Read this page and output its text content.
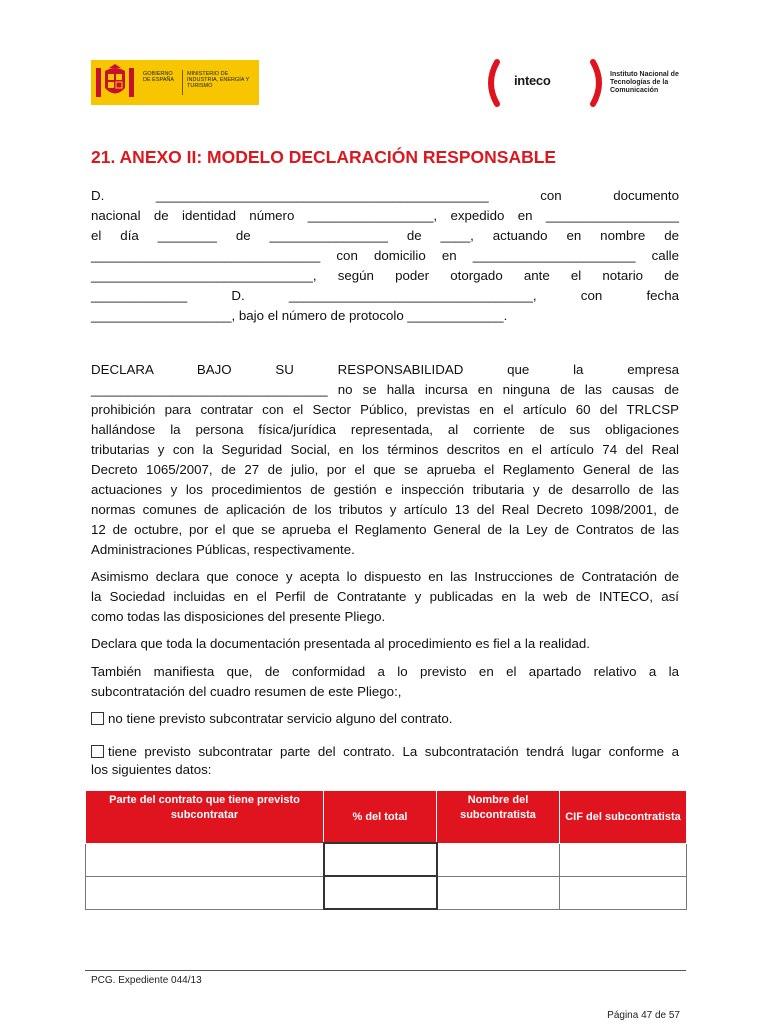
GOBIERNO DE ESPAÑA
MINISTERIO DE INDUSTRIA, ENERGÍA Y TURISMO	inteco	Instituto Nacional de Tecnologías de la Comunicación
21. ANEXO II: MODELO DECLARACIÓN RESPONSABLE

D. _____________________________________________ con documento

nacional de identidad número _________________, expedido en __________________

el día ________ de ________________ de ____, actuando en nombre de

_______________________________ con domicilio en ______________________ calle

______________________________, según poder otorgado ante el notario de

_____________ D. _________________________________, con fecha

___________________, bajo el número de protocolo _____________.

DECLARA BAJO SU RESPONSABILIDAD que la empresa

________________________________ no se halla incursa en ninguna de las causas de

prohibición para contratar con el Sector Público, previstas en el artículo 60 del TRLCSP

hallándose la persona física/jurídica representada, al corriente de sus obligaciones

tributarias y con la Seguridad Social, en los términos descritos en el artículo 74 del Real

Decreto 1065/2007, de 27 de julio, por el que se aprueba el Reglamento General de las

actuaciones y los procedimientos de gestión e inspección tributaria y de desarrollo de las

normas comunes de aplicación de los tributos y artículo 13 del Real Decreto 1098/2001, de

12 de octubre, por el que se aprueba el Reglamento General de la Ley de Contratos de las

Administraciones Públicas, respectivamente.

Asimismo declara que conoce y acepta lo dispuesto en las Instrucciones de Contratación de

la Sociedad incluidas en el Perfil de Contratante y publicadas en la web de INTECO, así

como todas las disposiciones del presente Pliego.

Declara que toda la documentación presentada al procedimiento es fiel a la realidad.

También manifiesta que, de conformidad a lo previsto en el apartado relativo a la

subcontratación del cuadro resumen de este Pliego:,

no tiene previsto subcontratar servicio alguno del contrato.
tiene previsto subcontratar parte del contrato. La subcontratación tendrá lugar conforme a

los siguientes datos:

Parte del contrato que tiene previsto subcontratar	% del total	Nombre del subcontratista	CIF del subcontratista

PCG. Expediente 044/13
Página 47 de 57
